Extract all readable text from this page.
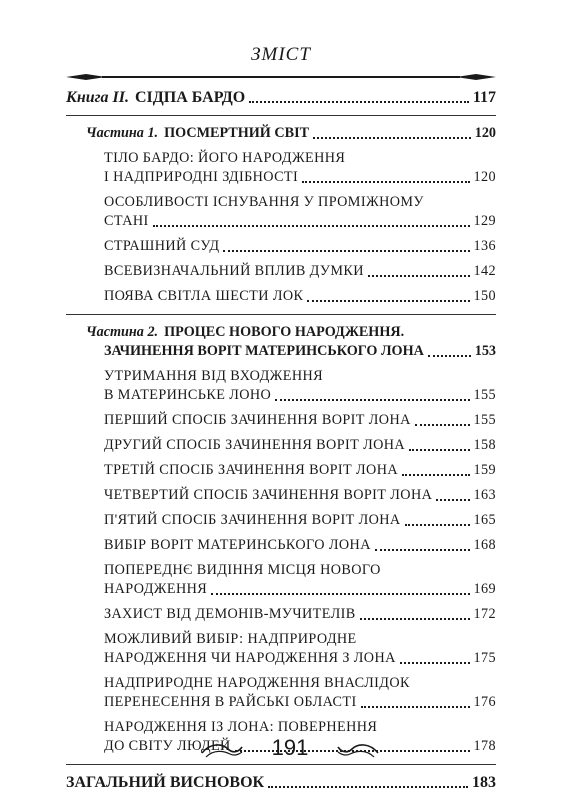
ЗМІСТ
Книга II. СІДПА БАРДО	117
Частина 1. ПОСМЕРТНИЙ СВІТ	120
ТІЛО БАРДО: ЙОГО НАРОДЖЕННЯ
І НАДПРИРОДНІ ЗДІБНОСТІ	120
ОСОБЛИВОСТІ ІСНУВАННЯ У ПРОМІЖНОМУ
СТАНІ	129
СТРАШНИЙ СУД	136
ВСЕВИЗНАЧАЛЬНИЙ ВПЛИВ ДУМКИ	142
ПОЯВА СВІТЛА ШЕСТИ ЛОК	150
Частина 2. ПРОЦЕС НОВОГО НАРОДЖЕННЯ.
ЗАЧИНЕННЯ ВОРІТ МАТЕРИНСЬКОГО ЛОНА	153
УТРИМАННЯ ВІД ВХОДЖЕННЯ
В МАТЕРИНСЬКЕ ЛОНО	155
ПЕРШИЙ СПОСІБ ЗАЧИНЕННЯ ВОРІТ ЛОНА	155
ДРУГИЙ СПОСІБ ЗАЧИНЕННЯ ВОРІТ ЛОНА	158
ТРЕТІЙ СПОСІБ ЗАЧИНЕННЯ ВОРІТ ЛОНА	159
ЧЕТВЕРТИЙ СПОСІБ ЗАЧИНЕННЯ ВОРІТ ЛОНА	163
П'ЯТИЙ СПОСІБ ЗАЧИНЕННЯ ВОРІТ ЛОНА	165
ВИБІР ВОРІТ МАТЕРИНСЬКОГО ЛОНА	168
ПОПЕРЕДНЄ ВИДІННЯ МІСЦЯ НОВОГО
НАРОДЖЕННЯ	169
ЗАХИСТ ВІД ДЕМОНІВ-МУЧИТЕЛІВ	172
МОЖЛИВИЙ ВИБІР: НАДПРИРОДНЕ
НАРОДЖЕННЯ ЧИ НАРОДЖЕННЯ З ЛОНА	175
НАДПРИРОДНЕ НАРОДЖЕННЯ ВНАСЛІДОК
ПЕРЕНЕСЕННЯ В РАЙСЬКІ ОБЛАСТІ	176
НАРОДЖЕННЯ ІЗ ЛОНА: ПОВЕРНЕННЯ
ДО СВІТУ ЛЮДЕЙ	178
ЗАГАЛЬНИЙ ВИСНОВОК	183
191
